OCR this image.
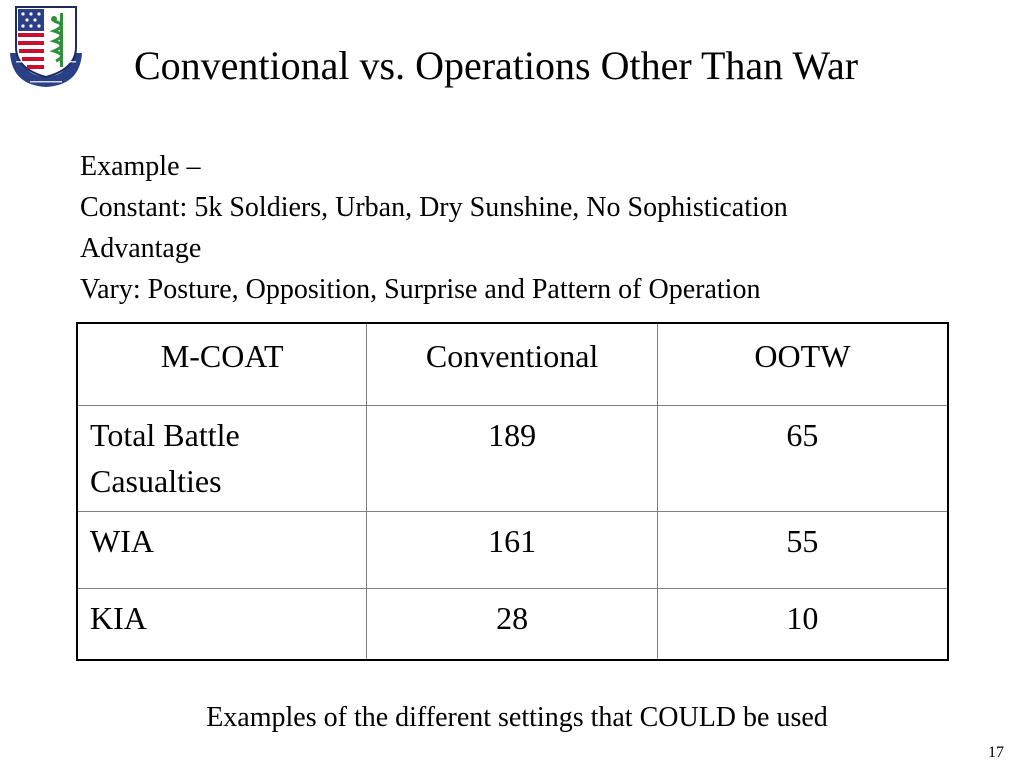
Conventional vs. Operations Other Than War
Example –
Constant: 5k Soldiers, Urban, Dry Sunshine, No Sophistication
Advantage
Vary: Posture, Opposition, Surprise and Pattern of Operation
M-COAT	Conventional	OOTW
Total Battle
Casualties	189	65
WIA	161	55
KIA	28	10
Examples of the different settings that COULD be used
17
